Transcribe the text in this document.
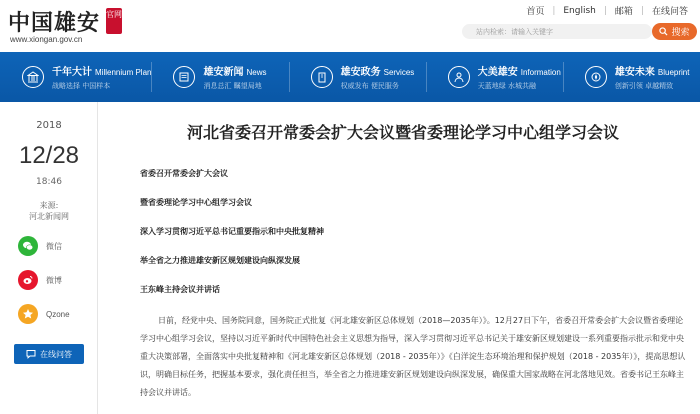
中国雄安 官网
www.xiongan.gov.cn
首页 | English | 邮箱 | 在线问答
站内检索：请输入关键字	搜索
千年大计 Millennium Plan
战略选择 中国样本
雄安新闻 News
消息总汇 瞩望局地
雄安政务 Services
权威发布 便民服务
大美雄安 Information
天蓝地绿 水城共融
雄安未来 Blueprint
创新引领 卓越精致
2018
12/28
18:46
来源:
河北新闻网
微信
微博
Qzone
在线问答
河北省委召开常委会扩大会议暨省委理论学习中心组学习会议
省委召开常委会扩大会议
暨省委理论学习中心组学习会议
深入学习贯彻习近平总书记重要指示和中央批复精神
举全省之力推进雄安新区规划建设向纵深发展
王东峰主持会议并讲话

日前，经党中央、国务院同意，国务院正式批复《河北雄安新区总体规划（2018—2035年）》。12月27日下午，省委召开常委会扩大会议暨省委理论学习中心组学习会议，坚持以习近平新时代中国特色社会主义思想为指导，深入学习贯彻习近平总书记关于雄安新区规划建设一系列重要指示批示和党中央重大决策部署，全面落实中央批复精神和《河北雄安新区总体规划（2018 - 2035年）》《白洋淀生态环境治理和保护规划（2018 - 2035年）》，提高思想认识，明确目标任务，把握基本要求，强化责任担当，举全省之力推进雄安新区规划建设向纵深发展，确保重大国家战略在河北落地见效。省委书记王东峰主持会议并讲话。
